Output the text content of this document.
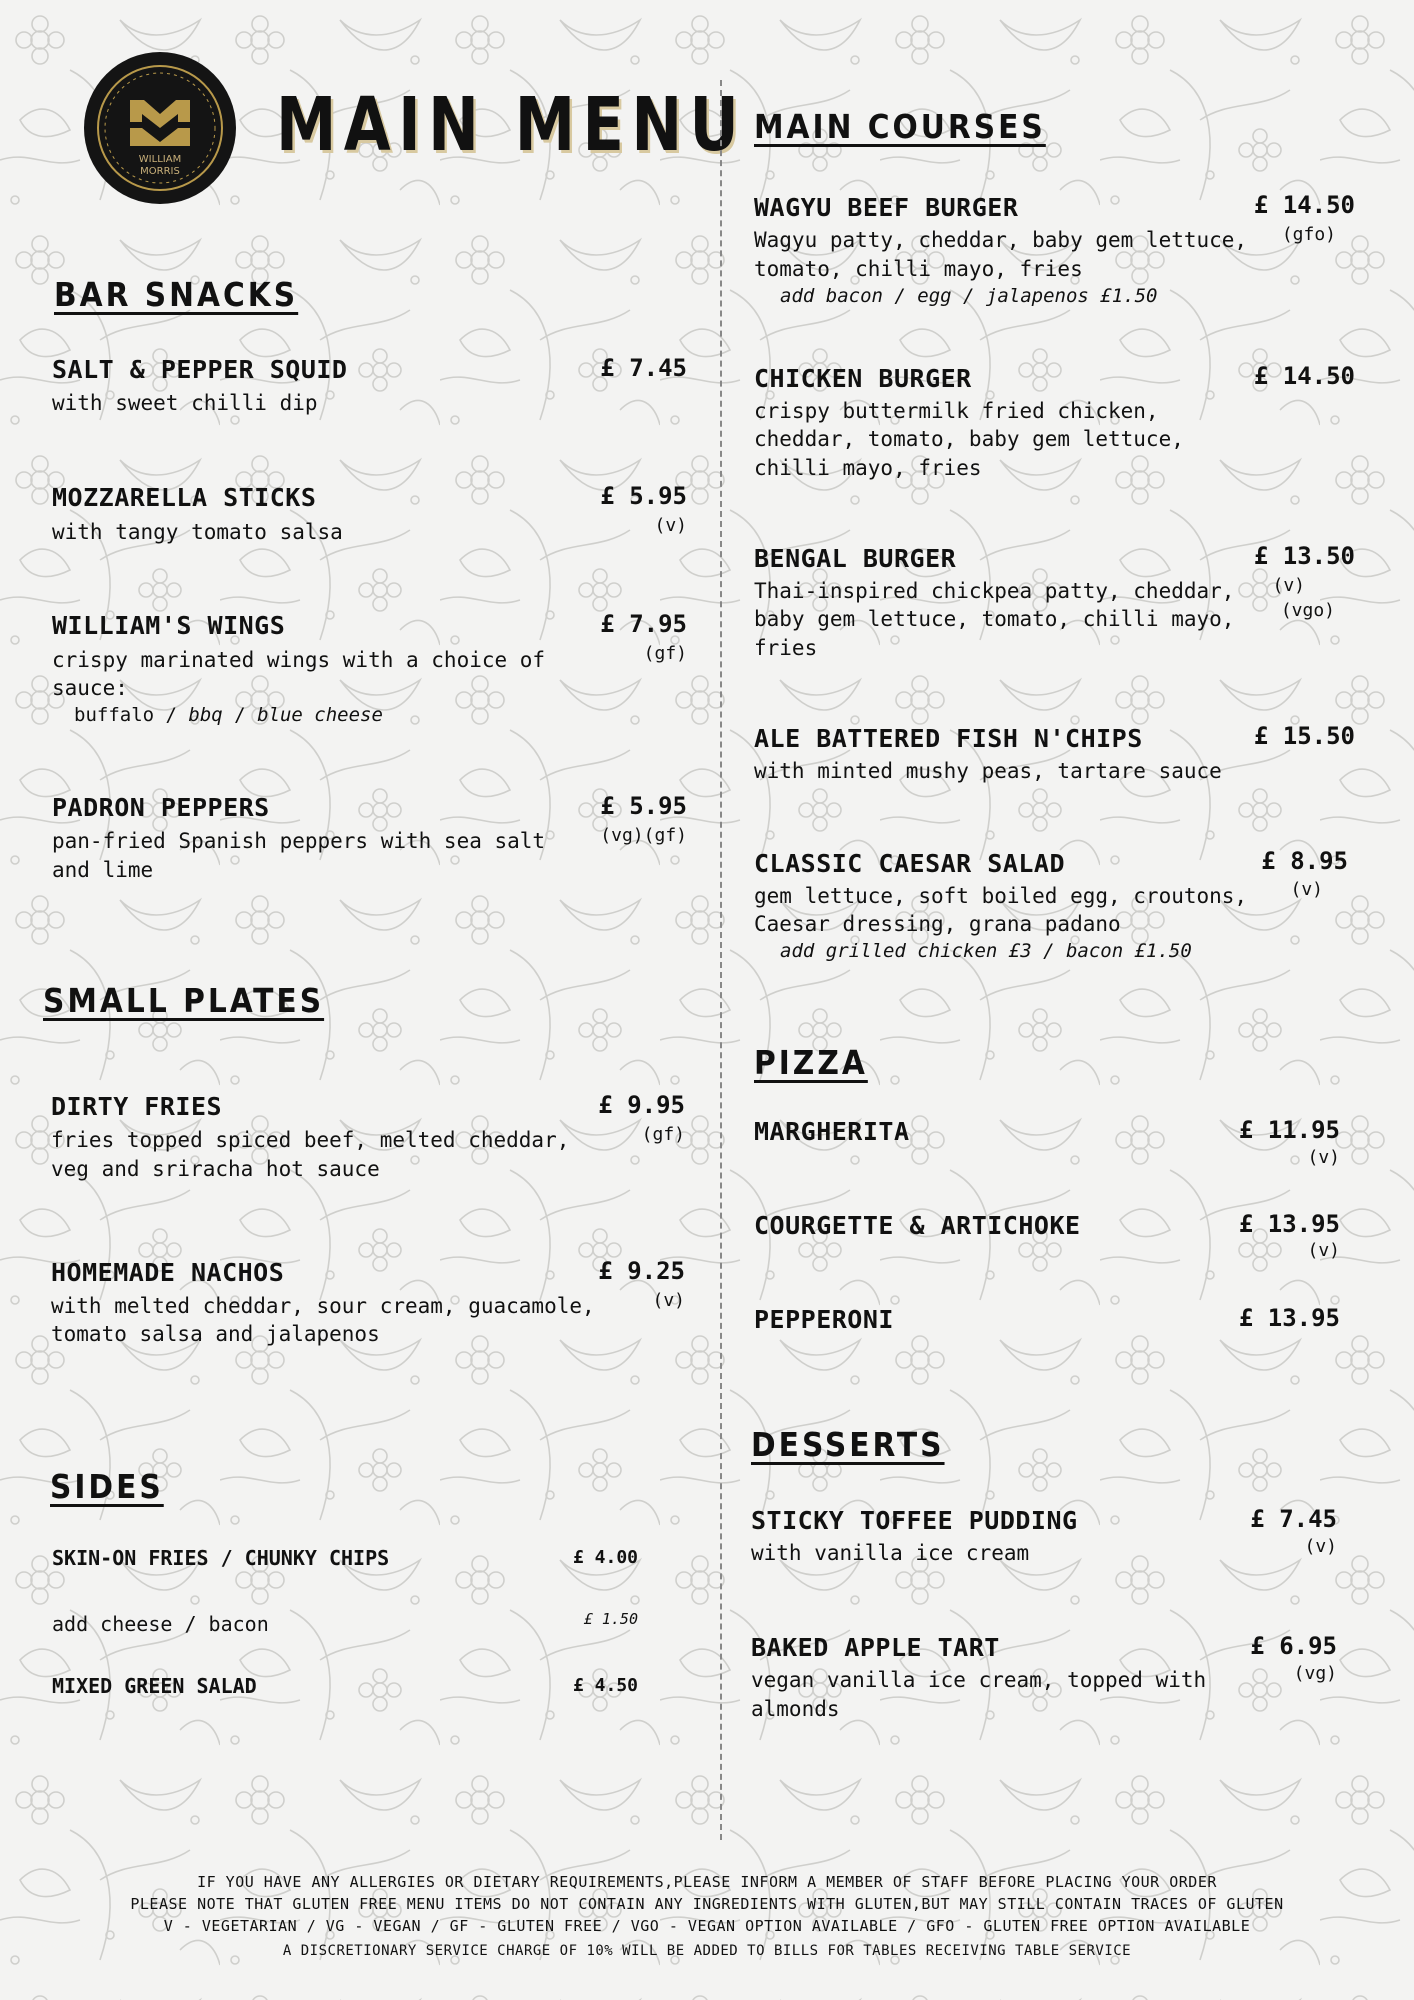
WILLIAM
MORRIS
MAIN MENU
BAR SNACKS
SALT & PEPPER SQUID
with sweet chilli dip
£ 7.45
MOZZARELLA STICKS
with tangy tomato salsa
£ 5.95
(v)
WILLIAM'S WINGS
crispy marinated wings with a choice of
sauce:
buffalo / bbq / blue cheese
£ 7.95
(gf)
PADRON PEPPERS
pan-fried Spanish peppers with sea salt
and lime
£ 5.95
(vg)(gf)
SMALL PLATES
DIRTY FRIES
fries topped spiced beef, melted cheddar,
veg and sriracha hot sauce
£ 9.95
(gf)
HOMEMADE NACHOS
with melted cheddar, sour cream, guacamole,
tomato salsa and jalapenos
£ 9.25
(v)
SIDES
SKIN-ON FRIES / CHUNKY CHIPS	£ 4.00
add cheese / bacon	£ 1.50
MIXED GREEN SALAD	£ 4.50
MAIN COURSES
WAGYU BEEF BURGER
Wagyu patty, cheddar, baby gem lettuce,
tomato, chilli mayo, fries
add bacon / egg / jalapenos £1.50
£ 14.50
(gfo)
CHICKEN BURGER
crispy buttermilk fried chicken,
cheddar, tomato, baby gem lettuce,
chilli mayo, fries
£ 14.50
BENGAL BURGER
Thai-inspired chickpea patty, cheddar,
baby gem lettuce, tomato, chilli mayo,
fries
£ 13.50
(v)
(vgo)
ALE BATTERED FISH N'CHIPS
with minted mushy peas, tartare sauce
£ 15.50
CLASSIC CAESAR SALAD
gem lettuce, soft boiled egg, croutons,
Caesar dressing, grana padano
add grilled chicken £3 / bacon £1.50
£ 8.95
(v)
PIZZA
MARGHERITA	£ 11.95
(v)
COURGETTE & ARTICHOKE	£ 13.95
(v)
PEPPERONI	£ 13.95
DESSERTS
STICKY TOFFEE PUDDING
with vanilla ice cream
£ 7.45
(v)
BAKED APPLE TART
vegan vanilla ice cream, topped with
almonds
£ 6.95
(vg)
IF YOU HAVE ANY ALLERGIES OR DIETARY REQUIREMENTS,PLEASE INFORM A MEMBER OF STAFF BEFORE PLACING YOUR ORDER
PLEASE NOTE THAT GLUTEN FREE MENU ITEMS DO NOT CONTAIN ANY INGREDIENTS WITH GLUTEN,BUT MAY STILL CONTAIN TRACES OF GLUTEN
V - VEGETARIAN / VG - VEGAN / GF - GLUTEN FREE / VGO - VEGAN OPTION AVAILABLE / GFO - GLUTEN FREE OPTION AVAILABLE
A DISCRETIONARY SERVICE CHARGE OF 10% WILL BE ADDED TO BILLS FOR TABLES RECEIVING TABLE SERVICE
